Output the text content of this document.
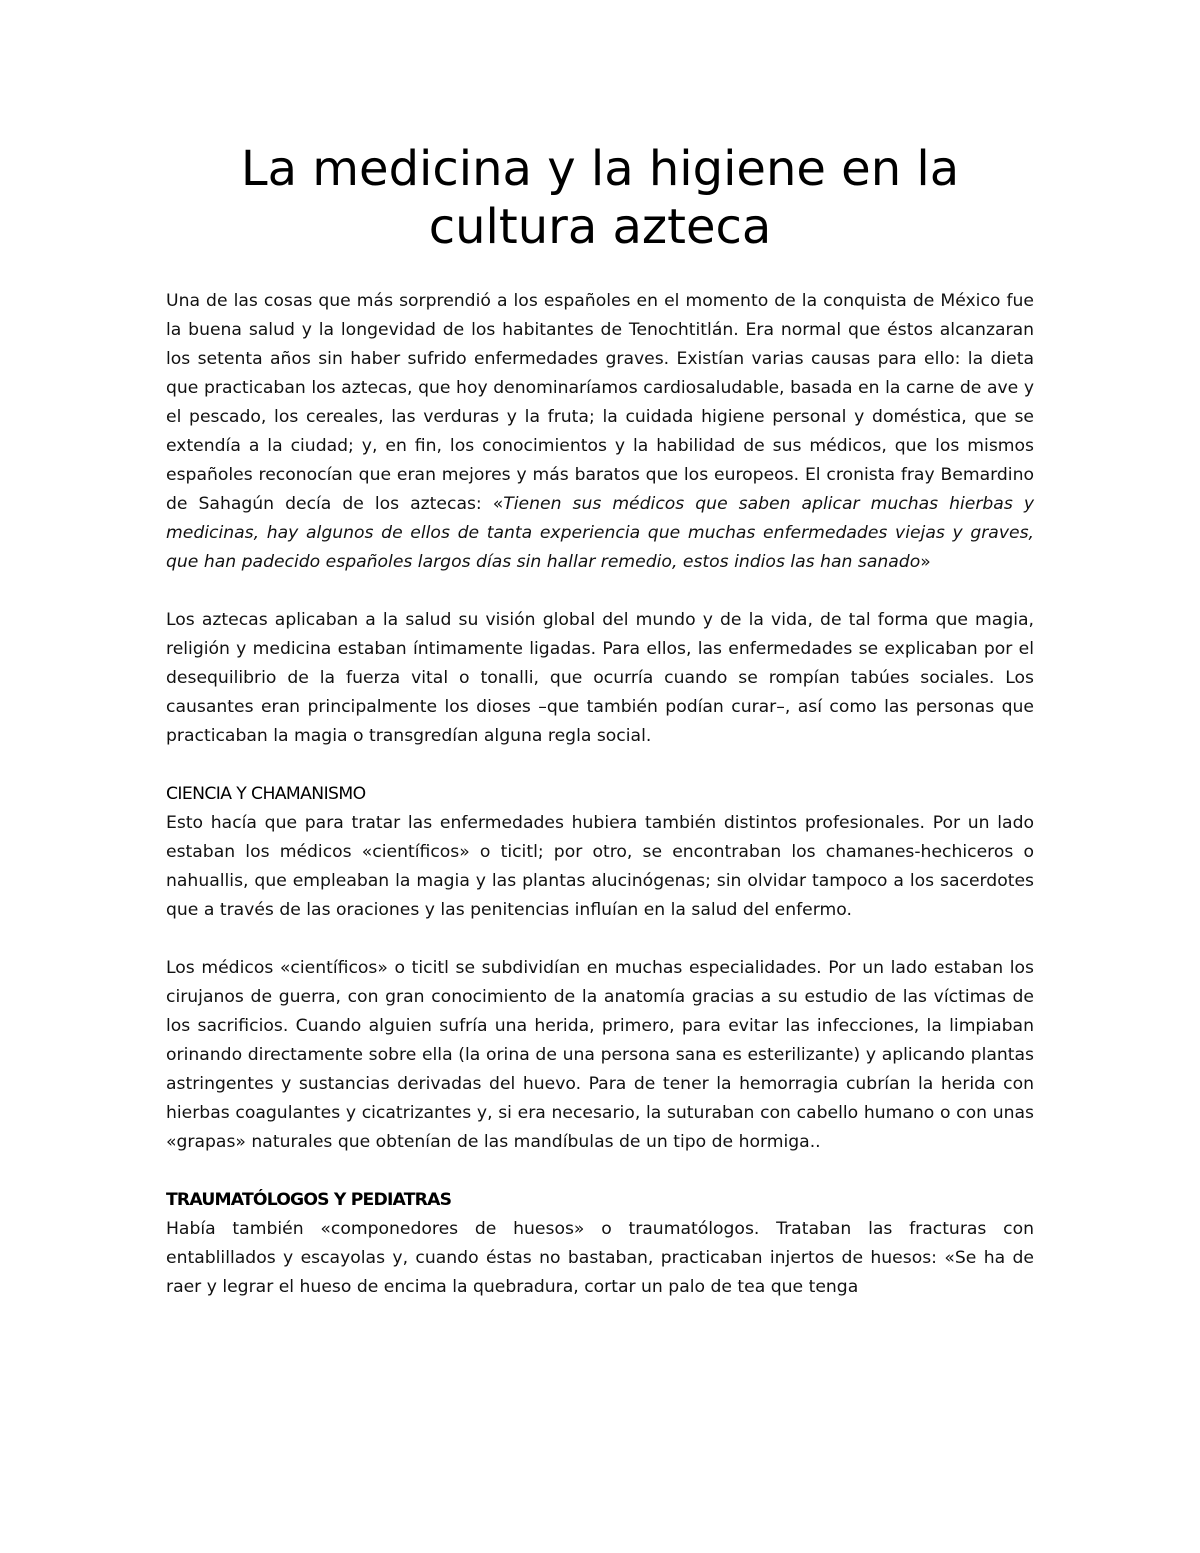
La medicina y la higiene en la cultura azteca

Una de las cosas que más sorprendió a los españoles en el momento de la conquista de México fue la buena salud y la longevidad de los habitantes de Tenochtitlán. Era normal que éstos alcanzaran los setenta años sin haber sufrido enfermedades graves. Existían varias causas para ello: la dieta que practicaban los aztecas, que hoy denominaríamos cardiosaludable, basada en la carne de ave y el pescado, los cereales, las verduras y la fruta; la cuidada higiene personal y doméstica, que se extendía a la ciudad; y, en fin, los conocimientos y la habilidad de sus médicos, que los mismos españoles reconocían que eran mejores y más baratos que los europeos. El cronista fray Bemardino de Sahagún decía de los aztecas: «Tienen sus médicos que saben aplicar muchas hierbas y medicinas, hay algunos de ellos de tanta experiencia que muchas enfermedades viejas y graves, que han padecido españoles largos días sin hallar remedio, estos indios las han sanado»

Los aztecas aplicaban a la salud su visión global del mundo y de la vida, de tal forma que magia, religión y medicina estaban íntimamente ligadas. Para ellos, las enfermedades se explicaban por el desequilibrio de la fuerza vital o tonalli, que ocurría cuando se rompían tabúes sociales. Los causantes eran principalmente los dioses –que también podían curar–, así como las personas que practicaban la magia o transgredían alguna regla social.

CIENCIA Y CHAMANISMO

Esto hacía que para tratar las enfermedades hubiera también distintos profesionales. Por un lado estaban los médicos «científicos» o ticitl; por otro, se encontraban los chamanes-hechiceros o nahuallis, que empleaban la magia y las plantas alucinógenas; sin olvidar tampoco a los sacerdotes que a través de las oraciones y las penitencias influían en la salud del enfermo.

Los médicos «científicos» o ticitl se subdividían en muchas especialidades. Por un lado estaban los cirujanos de guerra, con gran conocimiento de la anatomía gracias a su estudio de las víctimas de los sacrificios. Cuando alguien sufría una herida, primero, para evitar las infecciones, la limpiaban orinando directamente sobre ella (la orina de una persona sana es esterilizante) y aplicando plantas astringentes y sustancias derivadas del huevo. Para de tener la hemorragia cubrían la herida con hierbas coagulantes y cicatrizantes y, si era necesario, la suturaban con cabello humano o con unas «grapas» naturales que obtenían de las mandíbulas de un tipo de hormiga..

TRAUMATÓLOGOS Y PEDIATRAS

Había también «componedores de huesos» o traumatólogos. Trataban las fracturas con entablillados y escayolas y, cuando éstas no bastaban, practicaban injertos de huesos: «Se ha de raer y legrar el hueso de encima la quebradura, cortar un palo de tea que tenga
